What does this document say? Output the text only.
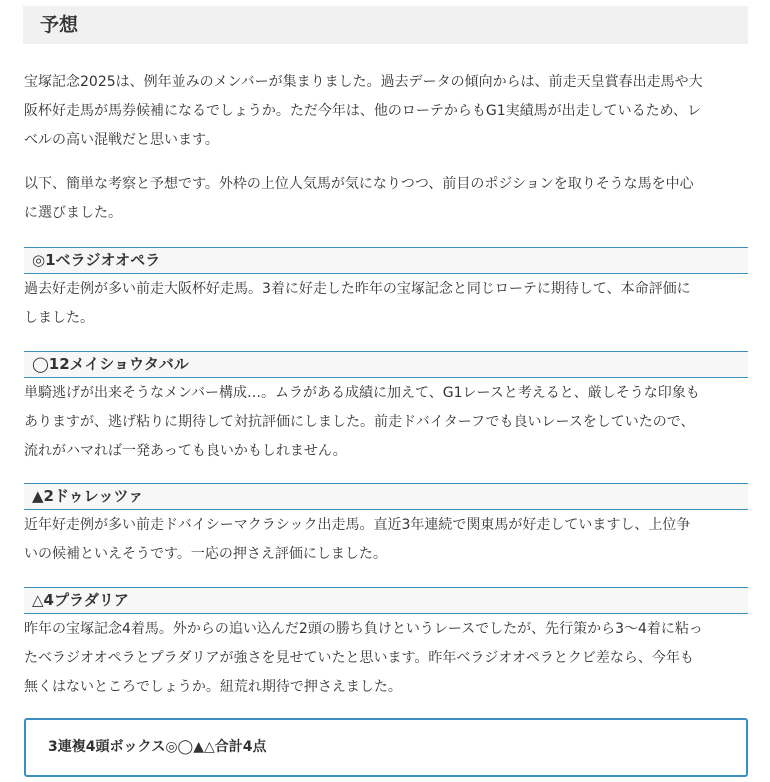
予想

宝塚記念2025は、例年並みのメンバーが集まりました。過去データの傾向からは、前走天皇賞春出走馬や大
阪杯好走馬が馬券候補になるでしょうか。ただ今年は、他のローテからもG1実績馬が出走しているため、レ
ベルの高い混戦だと思います。

以下、簡単な考察と予想です。外枠の上位人気馬が気になりつつ、前目のポジションを取りそうな馬を中心
に選びました。

◎1ベラジオオペラ

過去好走例が多い前走大阪杯好走馬。3着に好走した昨年の宝塚記念と同じローテに期待して、本命評価に
しました。

◯12メイショウタバル

単騎逃げが出来そうなメンバー構成…。ムラがある成績に加えて、G1レースと考えると、厳しそうな印象も
ありますが、逃げ粘りに期待して対抗評価にしました。前走ドバイターフでも良いレースをしていたので、
流れがハマれば一発あっても良いかもしれません。

▲2ドゥレッツァ

近年好走例が多い前走ドバイシーマクラシック出走馬。直近3年連続で関東馬が好走していますし、上位争
いの候補といえそうです。一応の押さえ評価にしました。

△4プラダリア

昨年の宝塚記念4着馬。外からの追い込んだ2頭の勝ち負けというレースでしたが、先行策から3〜4着に粘っ
たベラジオオペラとプラダリアが強さを見せていたと思います。昨年ベラジオオペラとクビ差なら、今年も
無くはないところでしょうか。紐荒れ期待で押さえました。

3連複4頭ボックス◎◯▲△合計4点
